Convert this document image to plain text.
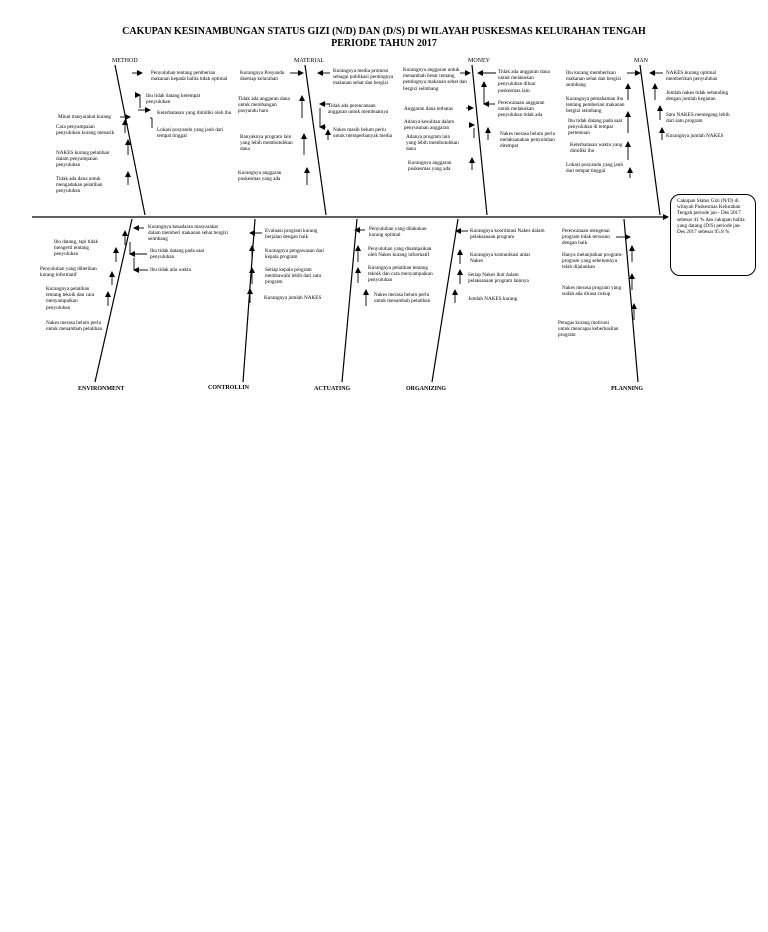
CAKUPAN KESINAMBUNGAN STATUS GIZI (N/D) DAN (D/S) DI WILAYAH PUSKESMAS KELURAHAN TENGAH
PERIODE TAHUN 2017
METHOD	MATERIAL	MONEY	MAN
ENVIRONMENT	CONTROLLIN	ACTUATING	ORGANIZING	PLANNING
Cakupan Status Gizi (N/D) di wilayah Puskesmas Kelurahan Tengah periode jan - Des 2017 sebesar 41 % dan cakupan balita yang datang (D/S) periode jan-Des 2017 sebesar 95.8 %
Penyuluhan tentang pemberian makanan kepada balita tidak optimal
Ibu tidak datang ketempat penyuluhan
Keterbatasan yang dimiliki oleh ibu
Lokasi posyandu yang jauh dari tempat tinggal
Minat masyarakat kurang
Cara penyampaian penyuluhan kurang menarik
NAKES kurang pelatihan dalam penyampaian penyuluhan
Tidak ada dana untuk mengadakan pelatihan penyuluhan
Kurangnya Posyandu disetiap kelurahan
Tidak ada anggaran dana untuk membangun posyandu baru
Banyaknya program lain yang lebih membutuhkan dana
Kurangnya anggaran puskesmas yang ada
Kurangnya media promosi sebagai publikasi pentingnya makanan sehat dan bergizi
Tidak ada perencanaan anggaran untuk membuatnya
Nakes masih belum perlu untuk memperbanyak media
Kurangnya anggaran untuk menambah besar tentang pentingnya makanan sehat dan bergizi seimbang
Anggaran dana terbatas
Adanya kesulitan dalam penyusunan anggaran
Adanya program lain yang lebih membutuhkan dana
Kurangnya anggaran puskesmas yang ada
Tidak ada anggaran dana untuk melakukan penyuluhan diluar puskesmas lain.
Perencanaan anggaran untuk melakukan penyuluhan tidak ada
Nakes merasa belum perlu melaksanakan penyuluhan ditempat
Ibu kurang memberikan makanan sehat dan bergizi seimbang
Kurangnya pemahaman ibu tentang pemberian makanan bergizi seimbang
Ibu tidak datang pada saat penyuluhan di tempat pertemuan
Keterbatasan waktu yang dimiliki ibu
Lokasi posyandu yang jauh dari tempat tinggal
NAKES kurang optimal memberikan penyuluhan
Jumlah nakes tidak sebanding dengan jumlah kegiatan
Satu NAKES memegang lebih dari satu program
Kurangnya jumlah NAKES
Kurangnya kesadaran masyarakat dalam memberi makanan sehat bergizi seimbang
Ibu tidak datang pada saat penyuluhan
Ibu tidak ada waktu
Ibu datang, tapi tidak mengerti tentang penyuluhan
Penyuluhan yang diberikan kurang informatif
Kurangnya pelatihan tentang teknik dan cara menyampaikan penyuluhan
Nakes merasa belum perlu untuk menambah pelatihan
Evaluasi program kurang berjalan dengan baik
Kurangnya pengawasan dari kepala program
Setiap kepala program membawahi lebih dari satu program
Kurangnya jumlah NAKES
Penyuluhan yang dilakukan kurang optimal
Penyuluhan yang disampaikan oleh Nakes kurang informatif
Kurangnya pelatihan tentang teknik dan cara menyampaikan penyuluhan
Nakes merasa belum perlu untuk menambah pelatihan
Kurangnya koordinasi Nakes dalam pelaksanaan program
Kurangnya komunikasi antar Nakes
Setiap Nakes ikut dalam pelaksanaan program lainnya
Jumlah NAKES kurang
Perencanaan mengenai program tidak tersusun dengan baik
Hanya melanjutkan program-program yang sebelumnya telah dijalankan
Nakes merasa program yang sudah ada dirasa cukup
Petugas kurang motivasi untuk mencapai keberhasilan program
